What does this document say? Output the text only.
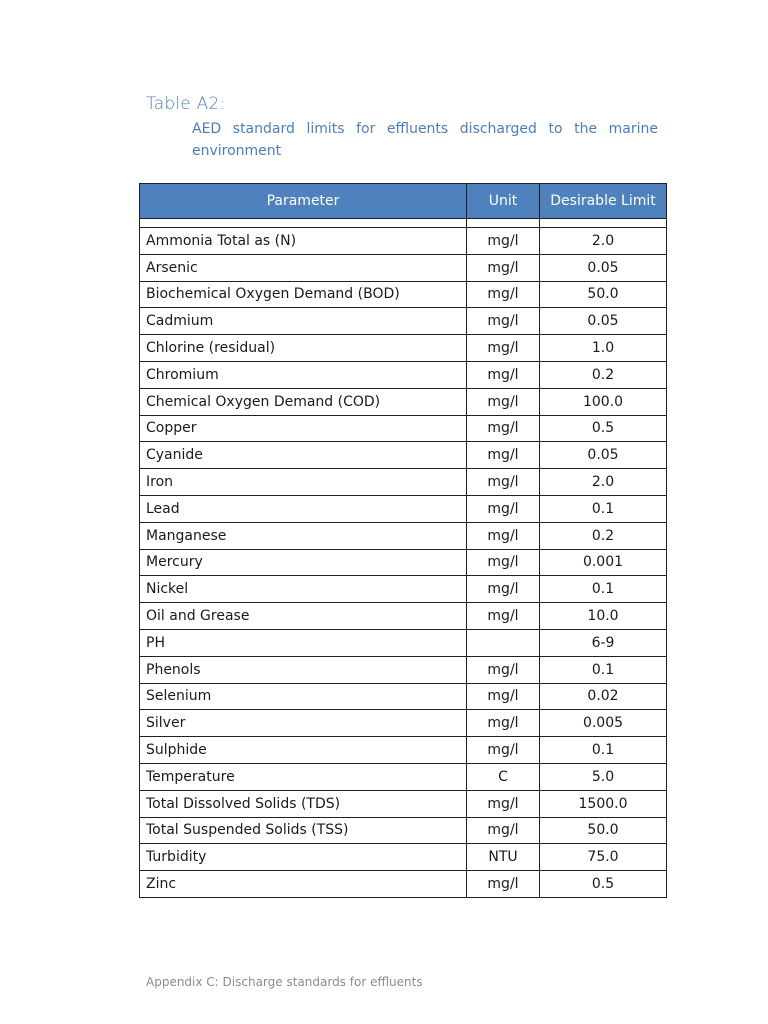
Table A2:
AED standard limits for effluents discharged to the marine environment
Parameter	Unit	Desirable Limit

Ammonia Total as (N)	mg/l	2.0
Arsenic	mg/l	0.05
Biochemical Oxygen Demand (BOD)	mg/l	50.0
Cadmium	mg/l	0.05
Chlorine (residual)	mg/l	1.0
Chromium	mg/l	0.2
Chemical Oxygen Demand (COD)	mg/l	100.0
Copper	mg/l	0.5
Cyanide	mg/l	0.05
Iron	mg/l	2.0
Lead	mg/l	0.1
Manganese	mg/l	0.2
Mercury	mg/l	0.001
Nickel	mg/l	0.1
Oil and Grease	mg/l	10.0
PH		6-9
Phenols	mg/l	0.1
Selenium	mg/l	0.02
Silver	mg/l	0.005
Sulphide	mg/l	0.1
Temperature	C	5.0
Total Dissolved Solids (TDS)	mg/l	1500.0
Total Suspended Solids (TSS)	mg/l	50.0
Turbidity	NTU	75.0
Zinc	mg/l	0.5
Appendix C: Discharge standards for effluents
